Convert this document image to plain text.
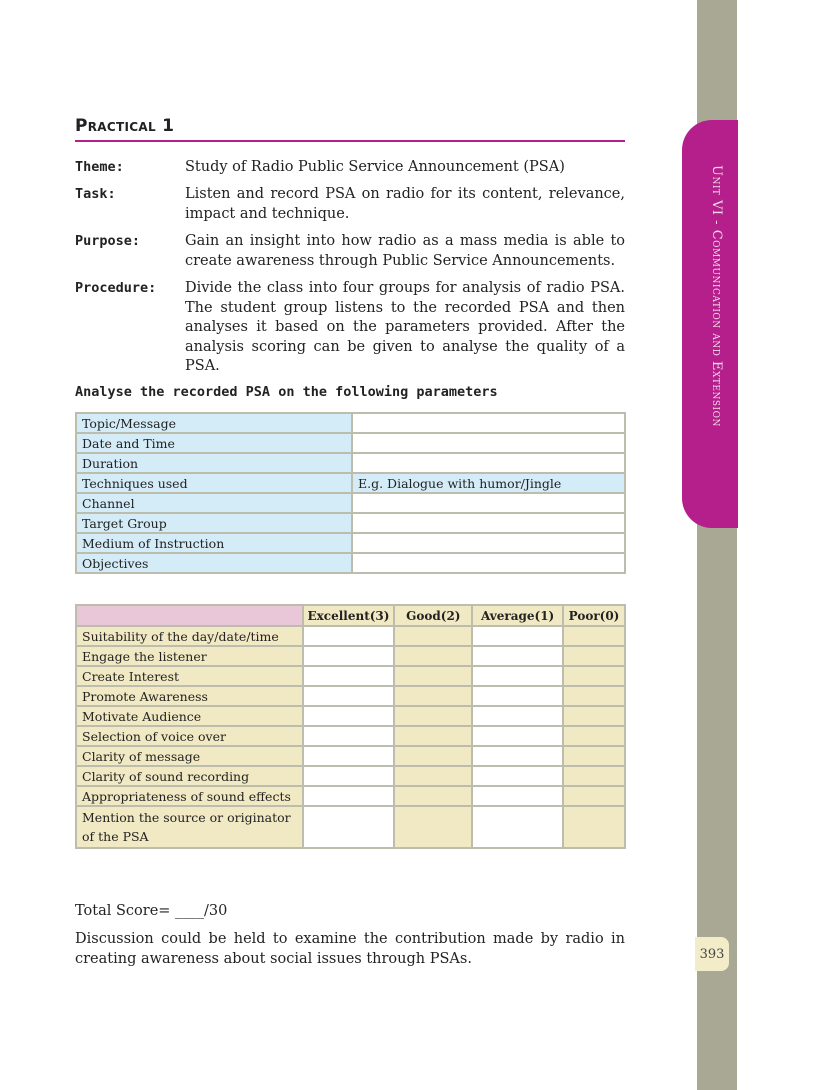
Unit VI - Communication and Extension
393
Practical 1
Theme:	Study of Radio Public Service Announcement (PSA)
Task:	Listen and record PSA on radio for its content, relevance, impact and technique.
Purpose:	Gain an insight into how radio as a mass media is able to create awareness through Public Service Announcements.
Procedure:	Divide the class into four groups for analysis of radio PSA. The student group listens to the recorded PSA and then analyses it based on the parameters provided. After the analysis scoring can be given to analyse the quality of a PSA.
Analyse the recorded PSA on the following parameters
Topic/Message	
Date and Time	
Duration	
Techniques used	E.g. Dialogue with humor/Jingle
Channel	
Target Group	
Medium of Instruction	
Objectives	
	Excellent(3)	Good(2)	Average(1)	Poor(0)
Suitability of the day/date/time				
Engage the listener				
Create Interest				
Promote Awareness				
Motivate Audience				
Selection of voice over				
Clarity of message				
Clarity of sound recording				
Appropriateness of sound effects				
Mention the source or originator of the PSA				
Total Score= ____/30
Discussion could be held to examine the contribution made by radio in creating awareness about social issues through PSAs.
